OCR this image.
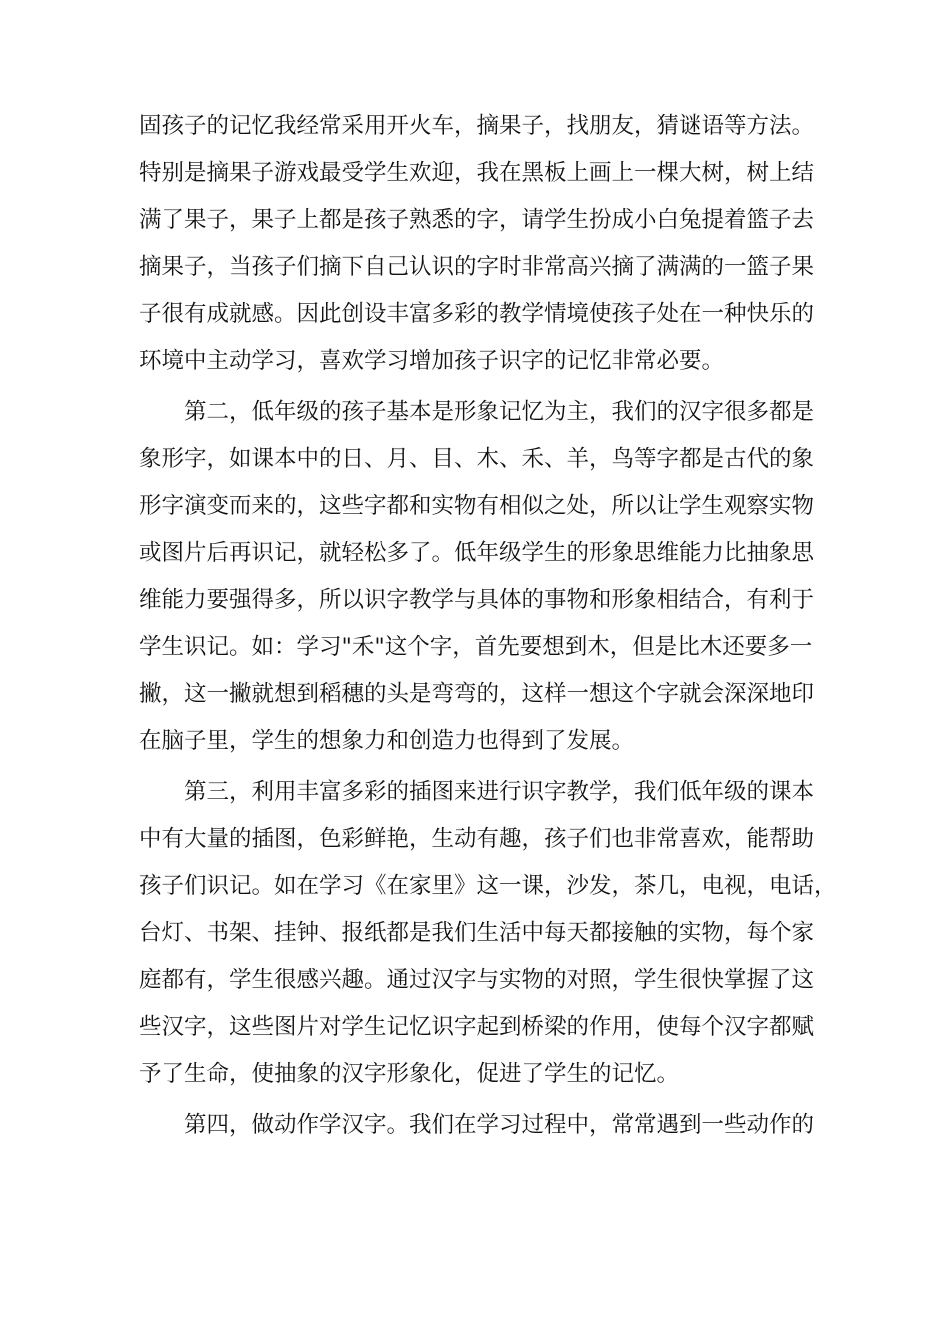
固孩子的记忆我经常采用开火车，摘果子，找朋友，猜谜语等方法。
特别是摘果子游戏最受学生欢迎，我在黑板上画上一棵大树，树上结
满了果子，果子上都是孩子熟悉的字，请学生扮成小白兔提着篮子去
摘果子，当孩子们摘下自己认识的字时非常高兴摘了满满的一篮子果
子很有成就感。因此创设丰富多彩的教学情境使孩子处在一种快乐的
环境中主动学习，喜欢学习增加孩子识字的记忆非常必要。
第二，低年级的孩子基本是形象记忆为主，我们的汉字很多都是
象形字，如课本中的日、月、目、木、禾、羊，鸟等字都是古代的象
形字演变而来的，这些字都和实物有相似之处，所以让学生观察实物
或图片后再识记，就轻松多了。低年级学生的形象思维能力比抽象思
维能力要强得多，所以识字教学与具体的事物和形象相结合，有利于
学生识记。如：学习"禾"这个字，首先要想到木，但是比木还要多一
撇，这一撇就想到稻穗的头是弯弯的，这样一想这个字就会深深地印
在脑子里，学生的想象力和创造力也得到了发展。
第三，利用丰富多彩的插图来进行识字教学，我们低年级的课本
中有大量的插图，色彩鲜艳，生动有趣，孩子们也非常喜欢，能帮助
孩子们识记。如在学习《在家里》这一课，沙发，茶几，电视，电话，
台灯、书架、挂钟、报纸都是我们生活中每天都接触的实物，每个家
庭都有，学生很感兴趣。通过汉字与实物的对照，学生很快掌握了这
些汉字，这些图片对学生记忆识字起到桥梁的作用，使每个汉字都赋
予了生命，使抽象的汉字形象化，促进了学生的记忆。
第四，做动作学汉字。我们在学习过程中，常常遇到一些动作的
